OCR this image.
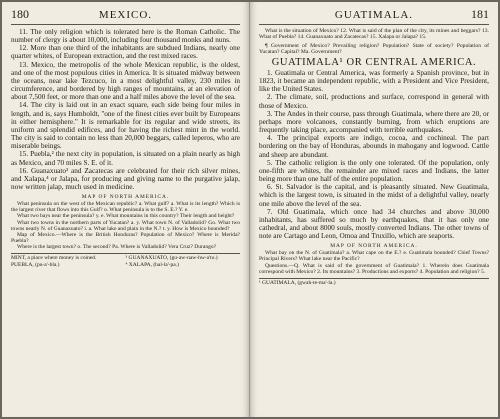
180	MEXICO.

11. The only religion which is tolerated here is the Roman Catholic. The number of clergy is about 10,000, including four thousand monks and nuns.

12. More than one third of the inhabitants are subdued Indians, nearly one quarter whites, of European extraction, and the rest mixed races.

13. Mexico, the metropolis of the whole Mexican republic, is the oldest, and one of the most populous cities in America. It is situated midway between the oceans, near lake Tezcuco, in a most delightful valley, 230 miles in circumference, and bordered by high ranges of mountains, at an elevation of about 7,500 feet, or more than one and a half miles above the level of the sea.

14. The city is laid out in an exact square, each side being four miles in length, and is, says Humboldt, "one of the finest cities ever built by Europeans in either hemisphere." It is remarkable for its regular and wide streets, its uniform and splendid edifices, and for having the richest mint in the world. The city is said to contain no less than 20,000 beggars, called leperos, who are miserable beings.

15. Puebla,² the next city in population, is situated on a plain nearly as high as Mexico, and 70 miles S. E. of it.

16. Guanaxuato³ and Zacatecas are celebrated for their rich silver mines, and Xalapa,⁴ or Jalapa, for producing and giving name to the purgative jalap, now written jalap, much used in medicine.

MAP OF NORTH AMERICA.

What peninsula on the west of the Mexican republic? a. What gulf? a. What is its length? Which is the largest river that flows into this Gulf? o. What peninsula is to the S. E.? Y. e.

What two bays near the peninsula? y. e. What mountains in this country? Their length and height?

What two towns in the northern parts of Yucatan? a. y. What town N. of Valladolid? Go. What two towns nearly N. of Guanaxuato? i. a. What lake and plain in the N.? t. y. How is Mexico bounded?

Map of Mexico.—Where is the British Honduras? Population of Mexico? Where is Merida? Puebla?

Where is the largest town? o. The second? Pa. Where is Valladolid? Vera Cruz? Durango?

MINT, a place where money is coined.
PUEBLA, (pu-a'-bla.)
³ GUANAXUATO, (gu-aw-naw-hw-a'to.)
⁴ XALAPA, (hal-la'-pa.)
GUATIMALA.	181

What is the situation of Mexico? 12. What is said of the plan of the city, its mines and beggars? 13. What of Puebla? 14. Guanaxuato and Zacatecas? 15. Xalapa or Jalapa? 15.

¶ Government of Mexico? Prevailing religion? Population? State of society? Population of Yucatan? Capital? Ma. Government?

GUATIMALA¹ OR CENTRAL AMERICA.

1. Guatimala or Central America, was formerly a Spanish province, but in 1823, it became an independent republic, with a President and Vice President, like the United States.

2. The climate, soil, productions and surface, correspond in general with those of Mexico.

3. The Andes in their course, pass through Guatimala, where there are 20, or perhaps more volcanoes, constantly burning, from which eruptions are frequently taking place, accompanied with terrible earthquakes.

4. The principal exports are indigo, cocoa, and cochineal. The part bordering on the bay of Honduras, abounds in mahogany and logwood. Cattle and sheep are abundant.

5. The catholic religion is the only one tolerated. Of the population, only one-fifth are whites, the remainder are mixed races and Indians, the latter being more than one half of the entire population.

6. St. Salvador is the capital, and is pleasantly situated. New Guatimala, which is the largest town, is situated in the midst of a delightful valley, nearly one mile above the level of the sea.

7. Old Guatimala, which once had 34 churches and above 30,000 inhabitants, has suffered so much by earthquakes, that it has only one cathedral, and about 8000 souls, mostly converted Indians. The other towns of note are Cartago and Leon, Omoa and Truxillo, which are seaports.

MAP OF NORTH AMERICA.

What bay on the N. of Guatimala? a. What cape on the E.? e. Guatimala bounded? Chief Towns? Principal Rivers? What lake near the Pacific?

Questions.—Q. What is said of the government of Guatimala? 1. Wherein does Guatimala correspond with Mexico? 2. Its mountains? 3. Productions and exports? 4. Population and religion? 5.

¹ GUATIMALA, (gwah-te-ma'-la.)
